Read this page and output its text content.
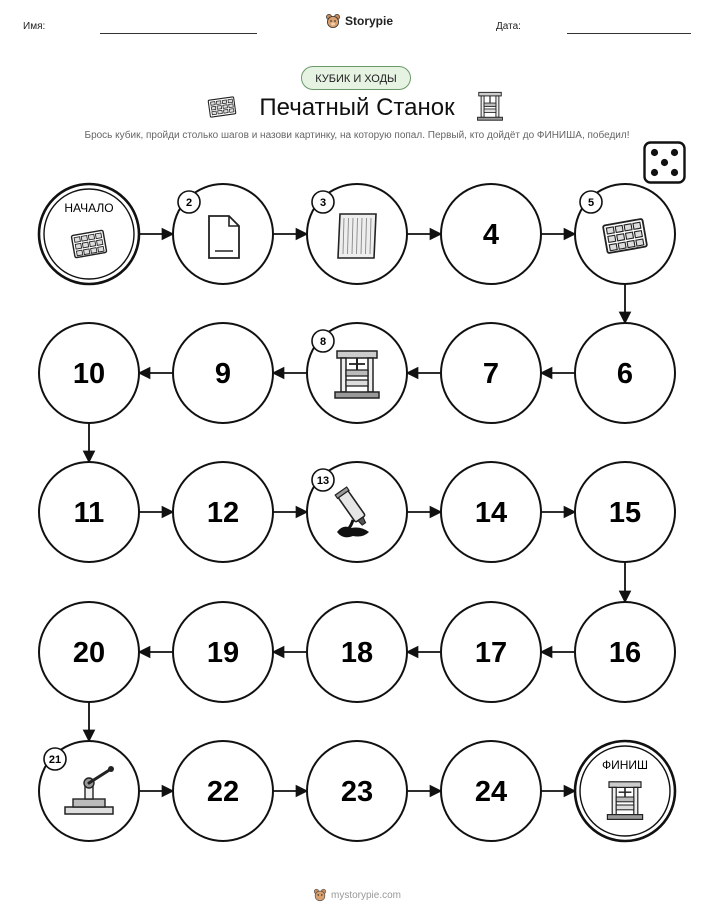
Имя:	Storypie	Дата:
КУБИК И ХОДЫ
Печатный Станок
Брось кубик, пройди столько шагов и назови картинку, на которую попал. Первый, кто дойдёт до ФИНИША, победил!
НАЧАЛО	2	3
4
5
6
7
8
9
10
11	12
13
14	15
16
17
18
19
20
21
22	23	24
ФИНИШ
mystorypie.com
